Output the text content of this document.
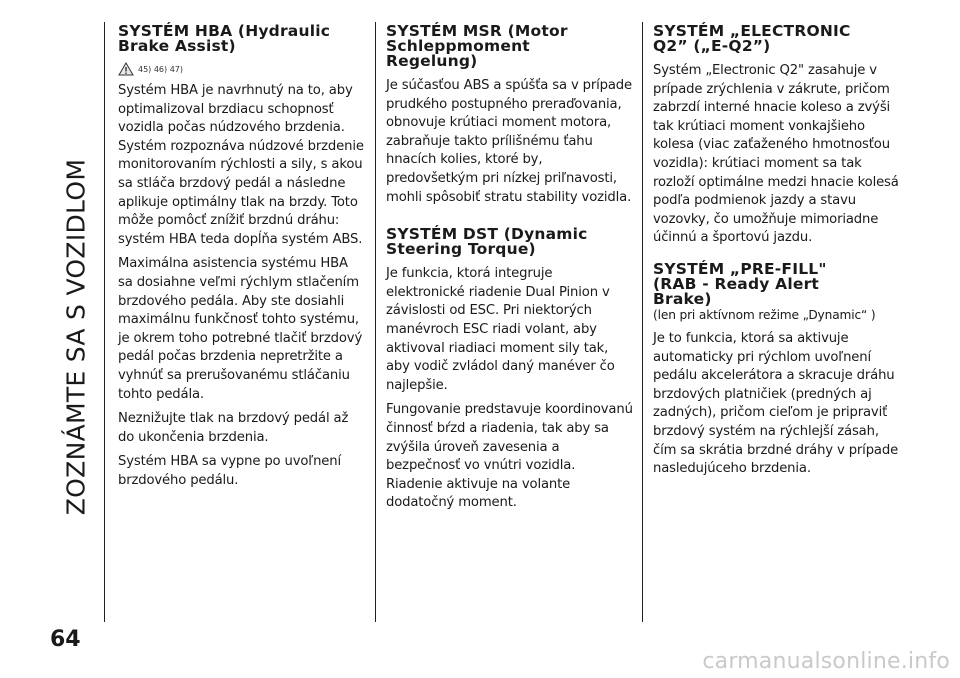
ZOZNÁMTE SA S VOZIDLOM
64
SYSTÉM HBA (Hydraulic
Brake Assist)
45) 46) 47)

Systém HBA je navrhnutý na to, aby optimalizoval brzdiacu schopnosť vozidla počas núdzového brzdenia. Systém rozpoznáva núdzové brzdenie monitorovaním rýchlosti a sily, s akou sa stláča brzdový pedál a následne aplikuje optimálny tlak na brzdy. Toto môže pomôcť znížiť brzdnú dráhu: systém HBA teda dopĺňa systém ABS.

Maximálna asistencia systému HBA sa dosiahne veľmi rýchlym stlačením brzdového pedála. Aby ste dosiahli maximálnu funkčnosť tohto systému, je okrem toho potrebné tlačiť brzdový pedál počas brzdenia nepretržite a vyhnúť sa prerušovanému stláčaniu tohto pedála.

Neznižujte tlak na brzdový pedál až do ukončenia brzdenia.

Systém HBA sa vypne po uvoľnení brzdového pedálu.

SYSTÉM MSR (Motor
Schleppmoment
Regelung)

Je súčasťou ABS a spúšťa sa v prípade prudkého postupného preraďovania, obnovuje krútiaci moment motora, zabraňuje takto prílišnému ťahu hnacích kolies, ktoré by, predovšetkým pri nízkej priľnavosti, mohli spôsobiť stratu stability vozidla.

SYSTÉM DST (Dynamic
Steering Torque)

Je funkcia, ktorá integruje elektronické riadenie Dual Pinion v závislosti od ESC. Pri niektorých manévroch ESC riadi volant, aby aktivoval riadiaci moment sily tak, aby vodič zvládol daný manéver čo najlepšie.

Fungovanie predstavuje koordinovanú činnosť bŕzd a riadenia, tak aby sa zvýšila úroveň zavesenia a bezpečnosť vo vnútri vozidla. Riadenie aktivuje na volante dodatočný moment.

SYSTÉM „ELECTRONIC
Q2” („E-Q2”)

Systém „Electronic Q2" zasahuje v prípade zrýchlenia v zákrute, pričom zabrzdí interné hnacie koleso a zvýši tak krútiaci moment vonkajšieho kolesa (viac zaťaženého hmotnosťou vozidla): krútiaci moment sa tak rozloží optimálne medzi hnacie kolesá podľa podmienok jazdy a stavu vozovky, čo umožňuje mimoriadne účinnú a športovú jazdu.

SYSTÉM „PRE-FILL"
(RAB - Ready Alert
Brake)

(len pri aktívnom režime „Dynamic“ )

Je to funkcia, ktorá sa aktivuje automaticky pri rýchlom uvoľnení pedálu akcelerátora a skracuje dráhu brzdových platničiek (predných aj zadných), pričom cieľom je pripraviť brzdový systém na rýchlejší zásah, čím sa skrátia brzdné dráhy v prípade nasledujúceho brzdenia.

carmanualsonline.info
